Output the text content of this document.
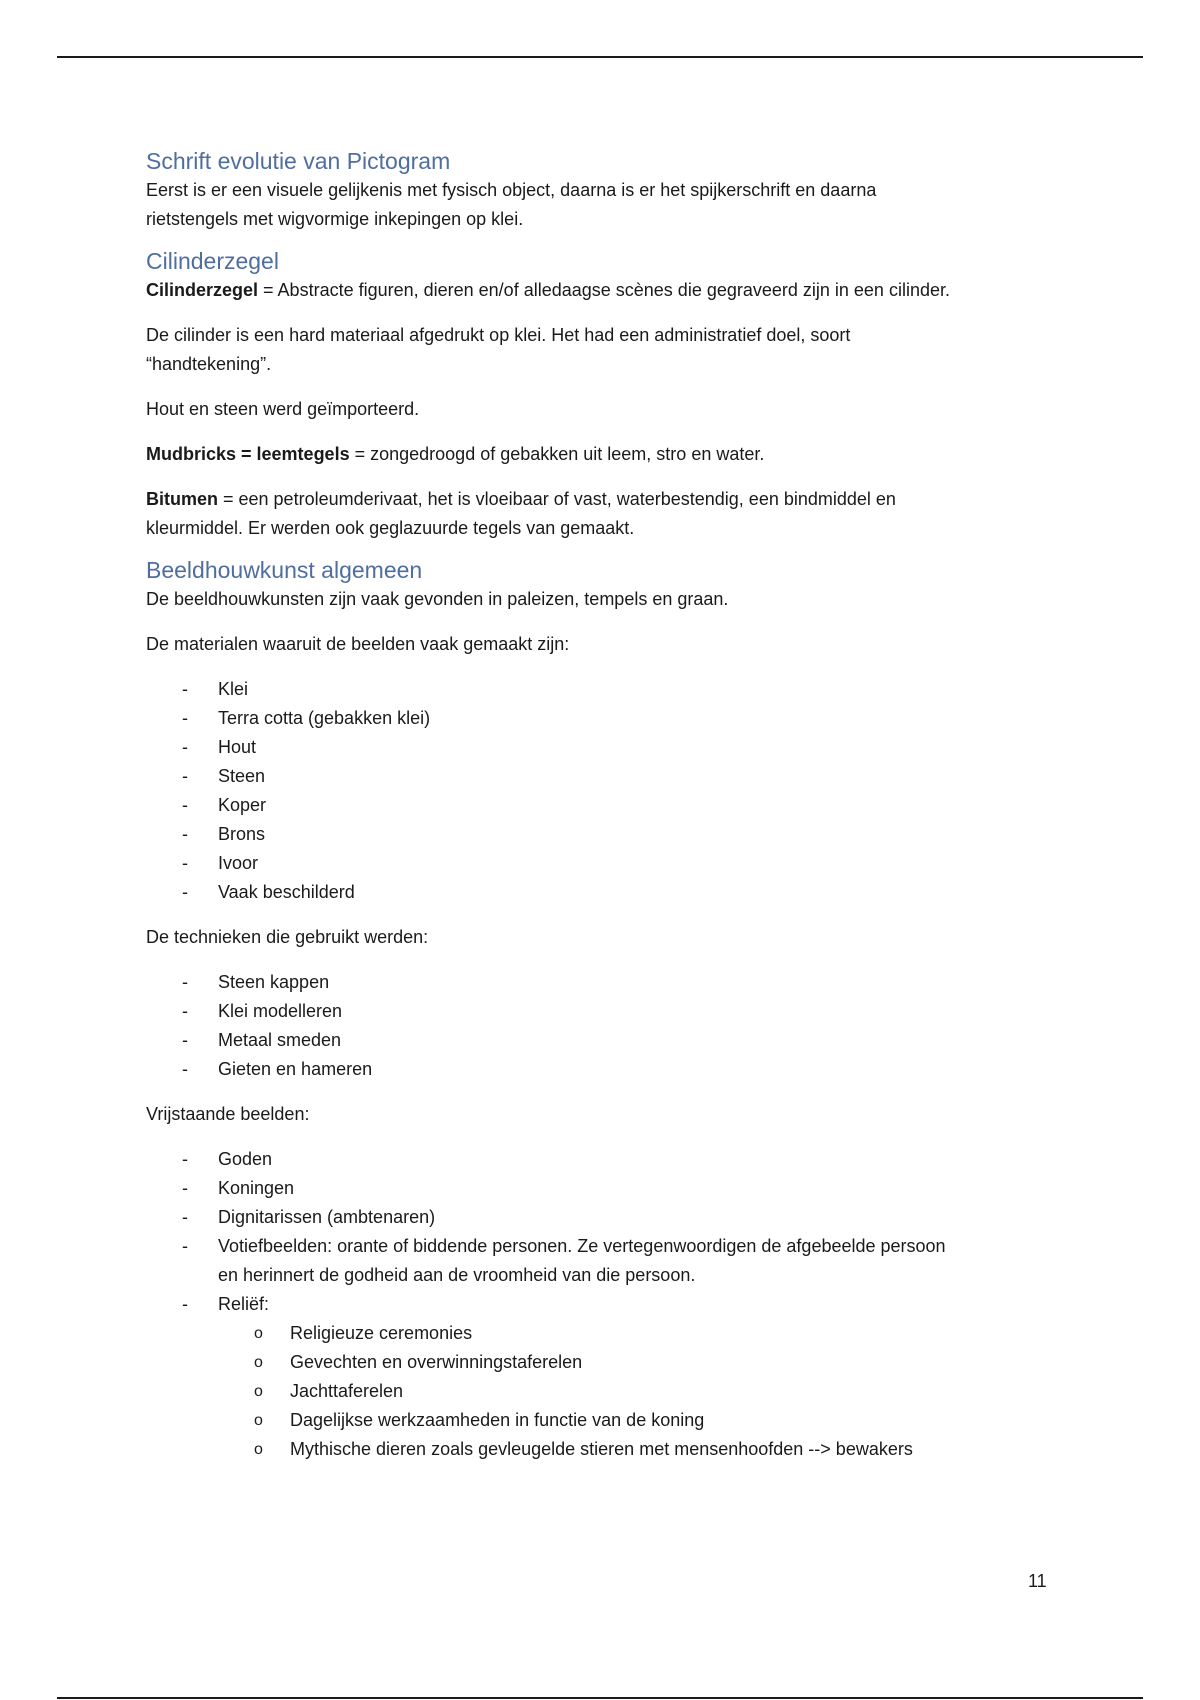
Schrift evolutie van Pictogram

Eerst is er een visuele gelijkenis met fysisch object, daarna is er het spijkerschrift en daarna
rietstengels met wigvormige inkepingen op klei.

Cilinderzegel

Cilinderzegel = Abstracte figuren, dieren en/of alledaagse scènes die gegraveerd zijn in een cilinder.

De cilinder is een hard materiaal afgedrukt op klei. Het had een administratief doel, soort
“handtekening”.

Hout en steen werd geïmporteerd.

Mudbricks = leemtegels = zongedroogd of gebakken uit leem, stro en water.

Bitumen = een petroleumderivaat, het is vloeibaar of vast, waterbestendig, een bindmiddel en
kleurmiddel. Er werden ook geglazuurde tegels van gemaakt.

Beeldhouwkunst algemeen

De beeldhouwkunsten zijn vaak gevonden in paleizen, tempels en graan.

De materialen waaruit de beelden vaak gemaakt zijn:

- Klei
- Terra cotta (gebakken klei)
- Hout
- Steen
- Koper
- Brons
- Ivoor
- Vaak beschilderd

De technieken die gebruikt werden:

- Steen kappen
- Klei modelleren
- Metaal smeden
- Gieten en hameren

Vrijstaande beelden:

- Goden
- Koningen
- Dignitarissen (ambtenaren)
- Votiefbeelden: orante of biddende personen. Ze vertegenwoordigen de afgebeelde persoon
en herinnert de godheid aan de vroomheid van die persoon.
- Reliëf:
o Religieuze ceremonies
o Gevechten en overwinningstaferelen
o Jachttaferelen
o Dagelijkse werkzaamheden in functie van de koning
o Mythische dieren zoals gevleugelde stieren met mensenhoofden --> bewakers
11
